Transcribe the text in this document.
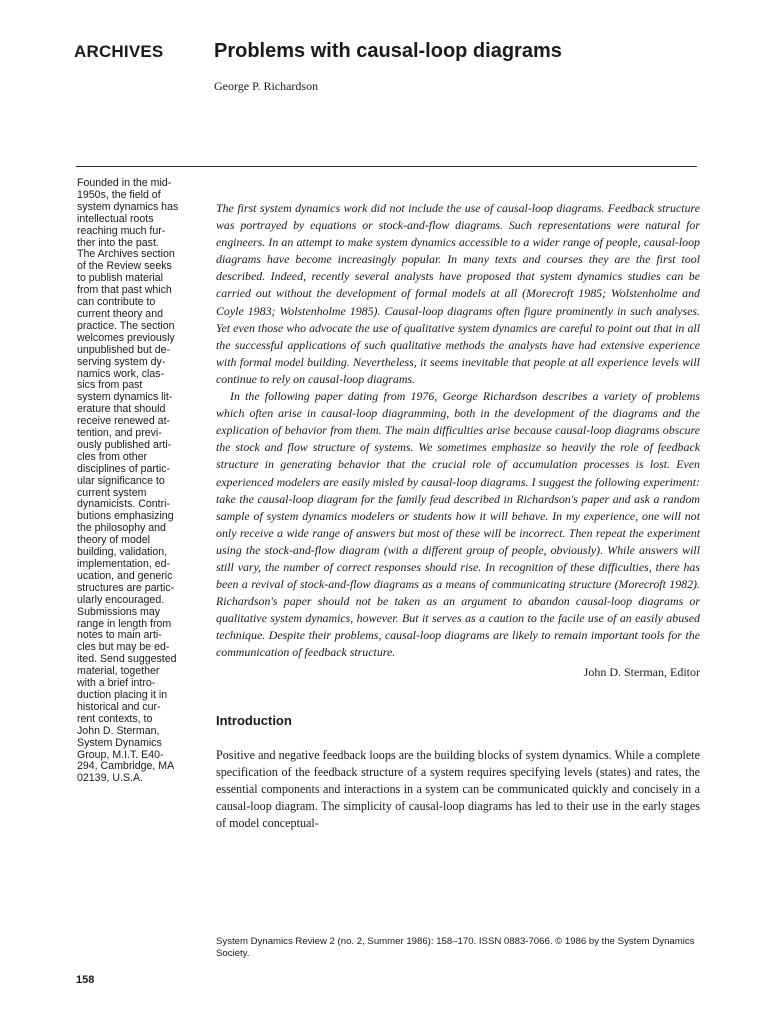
ARCHIVES	Problems with causal-loop diagrams

George P. Richardson

Founded in the mid-
1950s, the field of
system dynamics has
intellectual roots
reaching much fur-
ther into the past.
The Archives section
of the Review seeks
to publish material
from that past which
can contribute to
current theory and
practice. The section
welcomes previously
unpublished but de-
serving system dy-
namics work, clas-
sics from past
system dynamics lit-
erature that should
receive renewed at-
tention, and previ-
ously published arti-
cles from other
disciplines of partic-
ular significance to
current system
dynamicists. Contri-
butions emphasizing
the philosophy and
theory of model
building, validation,
implementation, ed-
ucation, and generic
structures are partic-
ularly encouraged.
Submissions may
range in length from
notes to main arti-
cles but may be ed-
ited. Send suggested
material, together
with a brief intro-
duction placing it in
historical and cur-
rent contexts, to
John D. Sterman,
System Dynamics
Group, M.I.T. E40-
294, Cambridge, MA
02139, U.S.A.

The first system dynamics work did not include the use of causal-loop diagrams. Feedback structure was portrayed by equations or stock-and-flow diagrams. Such representations were natural for engineers. In an attempt to make system dynamics accessible to a wider range of people, causal-loop diagrams have become increasingly popular. In many texts and courses they are the first tool described. Indeed, recently several analysts have proposed that system dynamics studies can be carried out without the development of formal models at all (Morecroft 1985; Wolstenholme and Coyle 1983; Wolstenholme 1985). Causal-loop diagrams often figure prominently in such analyses. Yet even those who advocate the use of qualitative system dynamics are careful to point out that in all the successful applications of such qualitative methods the analysts have had extensive experience with formal model building. Nevertheless, it seems inevitable that people at all experience levels will continue to rely on causal-loop diagrams.

In the following paper dating from 1976, George Richardson describes a variety of problems which often arise in causal-loop diagramming, both in the development of the diagrams and the explication of behavior from them. The main difficulties arise because causal-loop diagrams obscure the stock and flow structure of systems. We sometimes emphasize so heavily the role of feedback structure in generating behavior that the crucial role of accumulation processes is lost. Even experienced modelers are easily misled by causal-loop diagrams. I suggest the following experiment: take the causal-loop diagram for the family feud described in Richardson's paper and ask a random sample of system dynamics modelers or students how it will behave. In my experience, one will not only receive a wide range of answers but most of these will be incorrect. Then repeat the experiment using the stock-and-flow diagram (with a different group of people, obviously). While answers will still vary, the number of correct responses should rise. In recognition of these difficulties, there has been a revival of stock-and-flow diagrams as a means of communicating structure (Morecroft 1982). Richardson's paper should not be taken as an argument to abandon causal-loop diagrams or qualitative system dynamics, however. But it serves as a caution to the facile use of an easily abused technique. Despite their problems, causal-loop diagrams are likely to remain important tools for the communication of feedback structure.

John D. Sterman, Editor

Introduction

Positive and negative feedback loops are the building blocks of system dynamics. While a complete specification of the feedback structure of a system requires specifying levels (states) and rates, the essential components and interactions in a system can be communicated quickly and concisely in a causal-loop diagram. The simplicity of causal-loop diagrams has led to their use in the early stages of model conceptual-

System Dynamics Review 2 (no. 2, Summer 1986): 158–170. ISSN 0883-7066. © 1986 by the System Dynamics Society.

158
